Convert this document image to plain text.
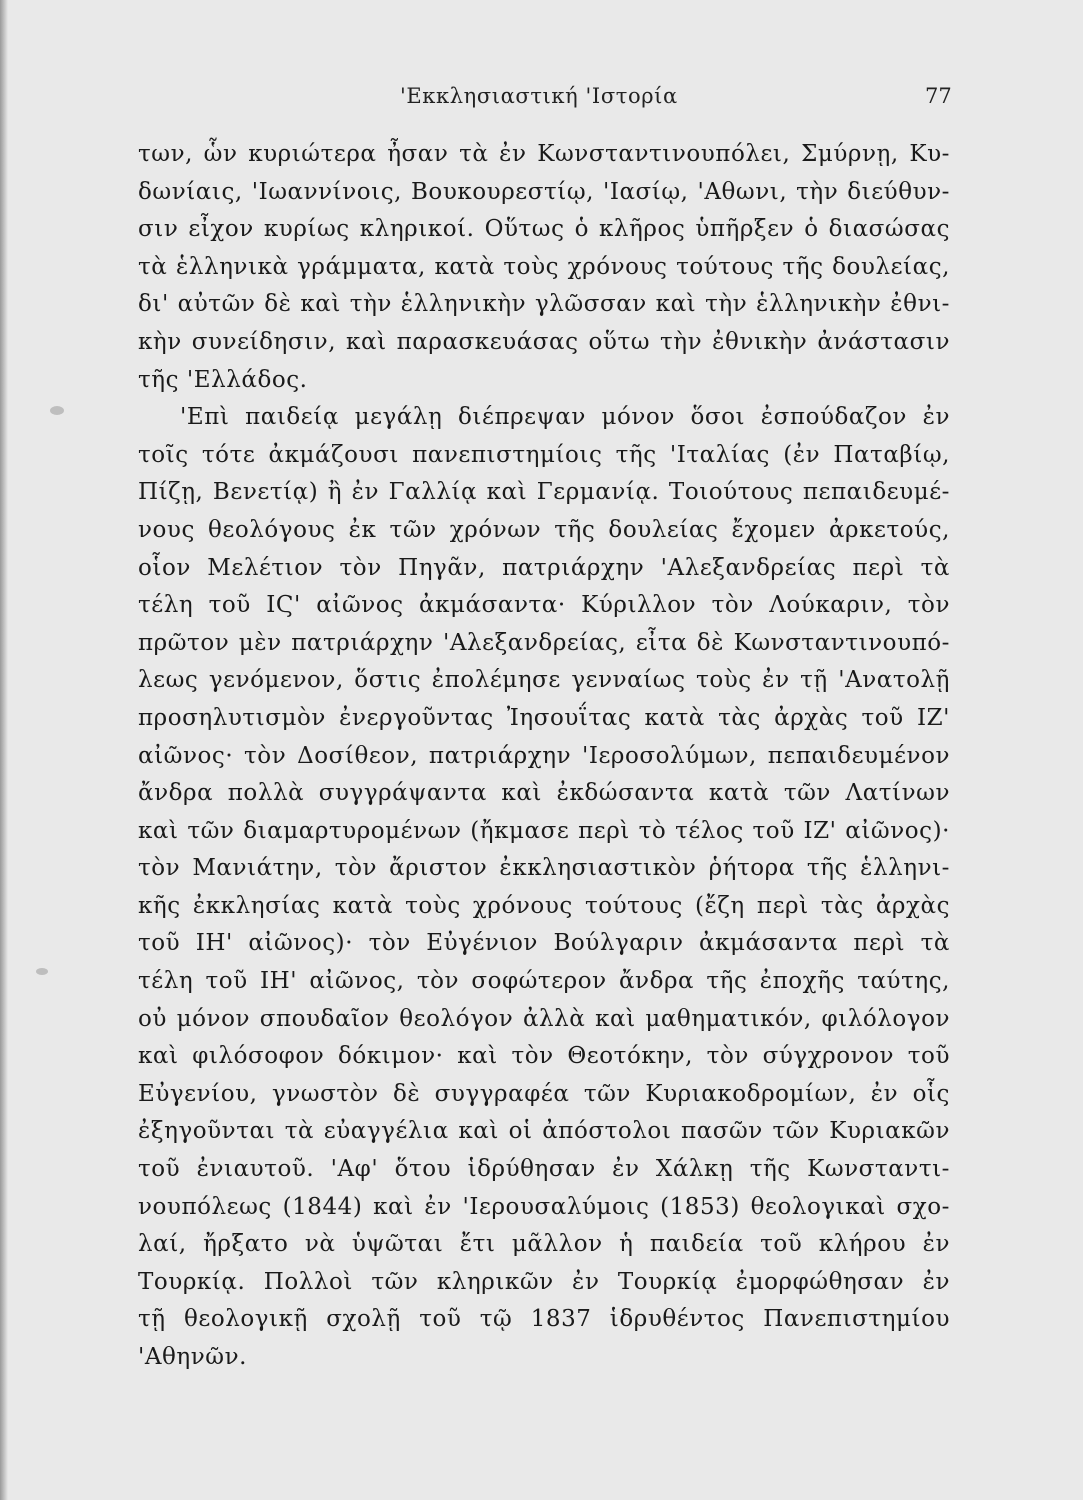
'Εκκλησιαστική 'Ιστορία	77
των, ὧν κυριώτερα ἦσαν τὰ ἐν Κωνσταντινουπόλει, Σμύρνῃ, Κυ-
δωνίαις, 'Ιωαννίνοις, Βουκουρεστίῳ, 'Ιασίῳ, 'Αθωνι, τὴν διεύθυν-
σιν εἶχον κυρίως κληρικοί. Οὕτως ὁ κλῆρος ὑπῆρξεν ὁ διασώσας
τὰ ἑλληνικὰ γράμματα, κατὰ τοὺς χρόνους τούτους τῆς δουλείας,
δι' αὐτῶν δὲ καὶ τὴν ἑλληνικὴν γλῶσσαν καὶ τὴν ἑλληνικὴν ἐθνι-
κὴν συνείδησιν, καὶ παρασκευάσας οὕτω τὴν ἐθνικὴν ἀνάστασιν
τῆς 'Ελλάδος.
'Επὶ παιδείᾳ μεγάλῃ διέπρεψαν μόνον ὅσοι ἐσπούδαζον ἐν
τοῖς τότε ἀκμάζουσι πανεπιστημίοις τῆς 'Ιταλίας (ἐν Παταβίῳ,
Πίζῃ, Βενετίᾳ) ἢ ἐν Γαλλίᾳ καὶ Γερμανίᾳ. Τοιούτους πεπαιδευμέ-
νους θεολόγους ἐκ τῶν χρόνων τῆς δουλείας ἔχομεν ἀρκετούς,
οἷον Μελέτιον τὸν Πηγᾶν, πατριάρχην 'Αλεξανδρείας περὶ τὰ
τέλη τοῦ ΙϚ' αἰῶνος ἀκμάσαντα· Κύριλλον τὸν Λούκαριν, τὸν
πρῶτον μὲν πατριάρχην 'Αλεξανδρείας, εἶτα δὲ Κωνσταντινουπό-
λεως γενόμενον, ὅστις ἐπολέμησε γενναίως τοὺς ἐν τῇ 'Ανατολῇ
προσηλυτισμὸν ἐνεργοῦντας Ἰησουΐτας κατὰ τὰς ἀρχὰς τοῦ ΙΖ'
αἰῶνος· τὸν Δοσίθεον, πατριάρχην 'Ιεροσολύμων, πεπαιδευμένον
ἄνδρα πολλὰ συγγράψαντα καὶ ἐκδώσαντα κατὰ τῶν Λατίνων
καὶ τῶν διαμαρτυρομένων (ἤκμασε περὶ τὸ τέλος τοῦ ΙΖ' αἰῶνος)·
τὸν Μανιάτην, τὸν ἄριστον ἐκκλησιαστικὸν ῥήτορα τῆς ἑλληνι-
κῆς ἐκκλησίας κατὰ τοὺς χρόνους τούτους (ἔζη περὶ τὰς ἀρχὰς
τοῦ ΙΗ' αἰῶνος)· τὸν Εὐγένιον Βούλγαριν ἀκμάσαντα περὶ τὰ
τέλη τοῦ ΙΗ' αἰῶνος, τὸν σοφώτερον ἄνδρα τῆς ἐποχῆς ταύτης,
οὐ μόνον σπουδαῖον θεολόγον ἀλλὰ καὶ μαθηματικόν, φιλόλογον
καὶ φιλόσοφον δόκιμον· καὶ τὸν Θεοτόκην, τὸν σύγχρονον τοῦ
Εὐγενίου, γνωστὸν δὲ συγγραφέα τῶν Κυριακοδρομίων, ἐν οἷς
ἐξηγοῦνται τὰ εὐαγγέλια καὶ οἱ ἀπόστολοι πασῶν τῶν Κυριακῶν
τοῦ ἐνιαυτοῦ. 'Αφ' ὅτου ἱδρύθησαν ἐν Χάλκῃ τῆς Κωνσταντι-
νουπόλεως (1844) καὶ ἐν 'Ιερουσαλύμοις (1853) θεολογικαὶ σχο-
λαί, ἤρξατο νὰ ὑψῶται ἔτι μᾶλλον ἡ παιδεία τοῦ κλήρου ἐν
Τουρκίᾳ. Πολλοὶ τῶν κληρικῶν ἐν Τουρκίᾳ ἐμορφώθησαν ἐν
τῇ θεολογικῇ σχολῇ τοῦ τῷ 1837 ἱδρυθέντος Πανεπιστημίου
'Αθηνῶν.
